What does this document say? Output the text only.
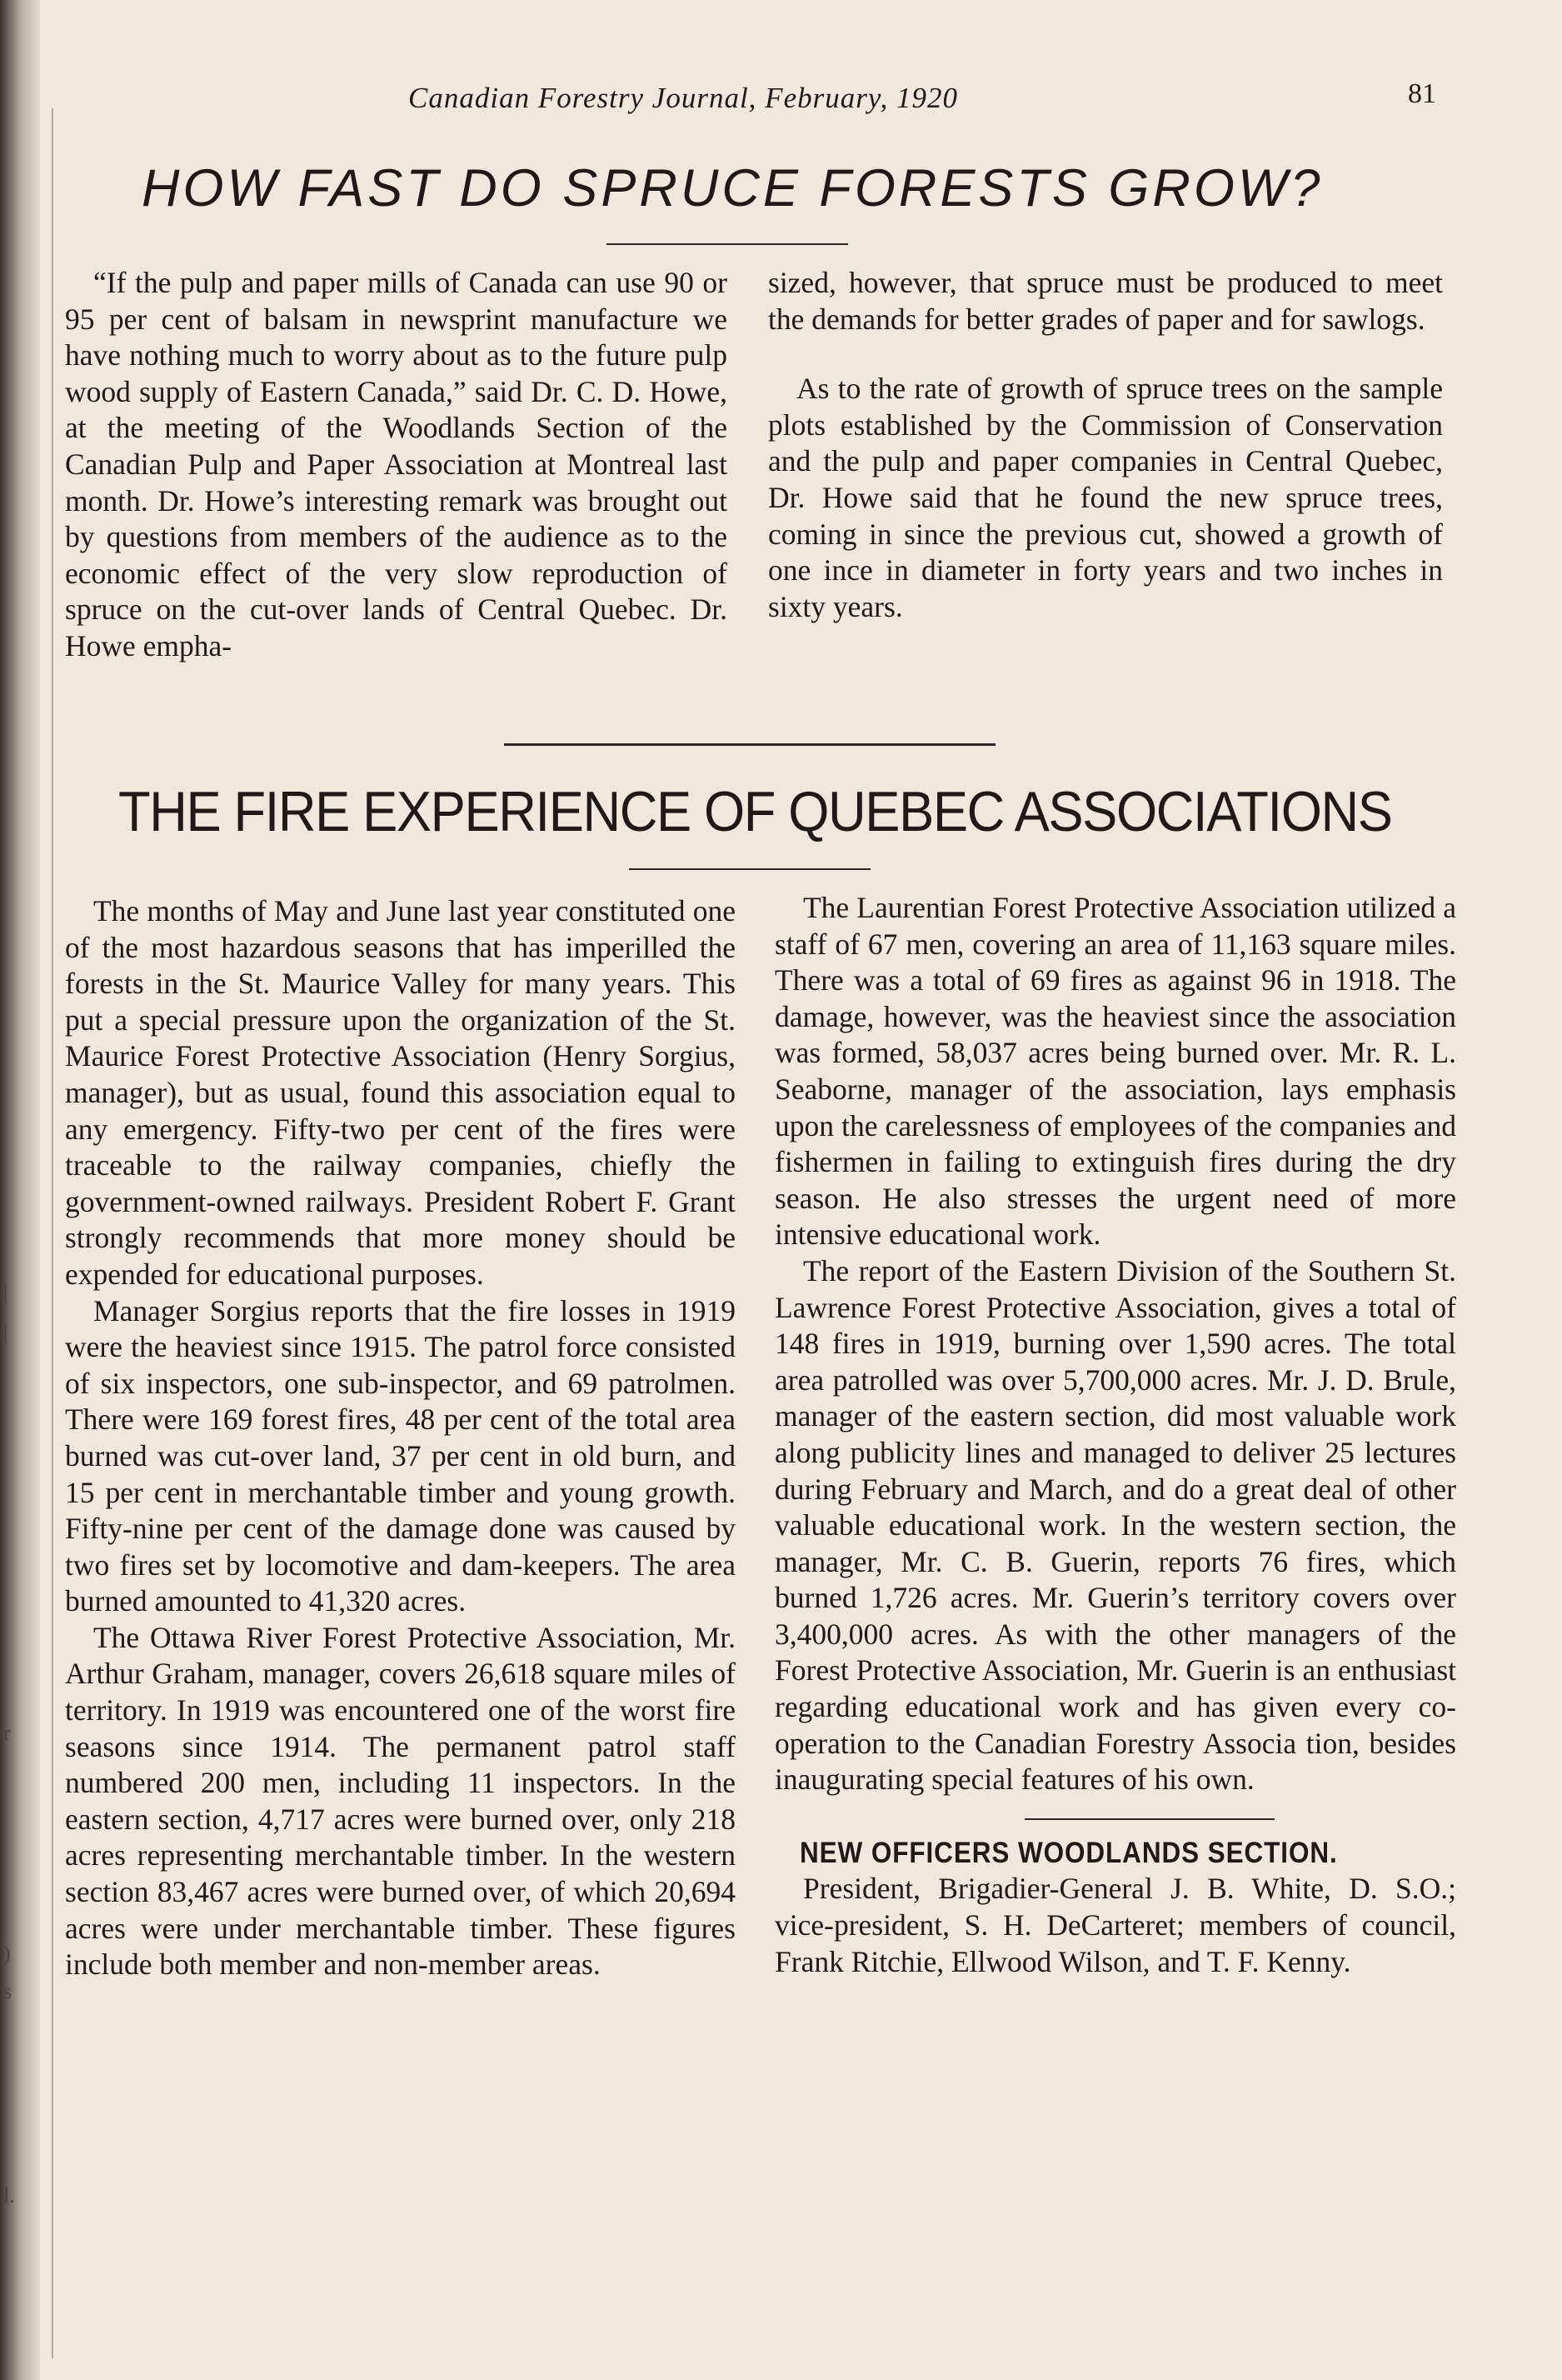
Canadian Forestry Journal, February, 1920	81
HOW FAST DO SPRUCE FORESTS GROW?

“If the pulp and paper mills of Canada can use 90 or 95 per cent of balsam in newsprint manufacture we have nothing much to worry about as to the future pulp wood supply of Eastern Canada,” said Dr. C. D. Howe, at the meeting of the Woodlands Section of the Canadian Pulp and Paper Association at Montreal last month. Dr. Howe’s interesting remark was brought out by questions from members of the audience as to the economic effect of the very slow reproduction of spruce on the cut-over lands of Central Quebec. Dr. Howe empha-

sized, however, that spruce must be produced to meet the demands for better grades of paper and for sawlogs.

As to the rate of growth of spruce trees on the sample plots established by the Commission of Conservation and the pulp and paper companies in Central Quebec, Dr. Howe said that he found the new spruce trees, coming in since the previous cut, showed a growth of one ince in diameter in forty years and two inches in sixty years.

THE FIRE EXPERIENCE OF QUEBEC ASSOCIATIONS

The months of May and June last year constituted one of the most hazardous seasons that has imperilled the forests in the St. Maurice Valley for many years. This put a special pressure upon the organization of the St. Maurice Forest Protective Association (Henry Sorgius, manager), but as usual, found this association equal to any emergency. Fifty-two per cent of the fires were traceable to the railway companies, chiefly the government-owned railways. President Robert F. Grant strongly recommends that more money should be expended for educational purposes.

Manager Sorgius reports that the fire losses in 1919 were the heaviest since 1915. The patrol force consisted of six inspectors, one sub-inspector, and 69 patrolmen. There were 169 forest fires, 48 per cent of the total area burned was cut-over land, 37 per cent in old burn, and 15 per cent in merchantable timber and young growth. Fifty-nine per cent of the damage done was caused by two fires set by locomotive and dam-keepers. The area burned amounted to 41,320 acres.

The Ottawa River Forest Protective Association, Mr. Arthur Graham, manager, covers 26,618 square miles of territory. In 1919 was encountered one of the worst fire seasons since 1914. The permanent patrol staff numbered 200 men, including 11 inspectors. In the eastern section, 4,717 acres were burned over, only 218 acres representing merchantable timber. In the western section 83,467 acres were burned over, of which 20,694 acres were under merchantable timber. These figures include both member and non-member areas.

The Laurentian Forest Protective Association utilized a staff of 67 men, covering an area of 11,163 square miles. There was a total of 69 fires as against 96 in 1918. The damage, however, was the heaviest since the association was formed, 58,037 acres being burned over. Mr. R. L. Seaborne, manager of the association, lays emphasis upon the carelessness of employees of the companies and fishermen in failing to extinguish fires during the dry season. He also stresses the urgent need of more intensive educational work.

The report of the Eastern Division of the Southern St. Lawrence Forest Protective Association, gives a total of 148 fires in 1919, burning over 1,590 acres. The total area patrolled was over 5,700,000 acres. Mr. J. D. Brule, manager of the eastern section, did most valuable work along publicity lines and managed to deliver 25 lectures during February and March, and do a great deal of other valuable educational work. In the western section, the manager, Mr. C. B. Guerin, reports 76 fires, which burned 1,726 acres. Mr. Guerin’s territory covers over 3,400,000 acres. As with the other managers of the Forest Protective Association, Mr. Guerin is an enthusiast regarding educational work and has given every co-operation to the Canadian Forestry Associa tion, besides inaugurating special features of his own.

NEW OFFICERS WOODLANDS SECTION.

President, Brigadier-General J. B. White, D. S.O.; vice-president, S. H. DeCarteret; members of council, Frank Ritchie, Ellwood Wilson, and T. F. Kenny.

|
|
r
)
s
l.
